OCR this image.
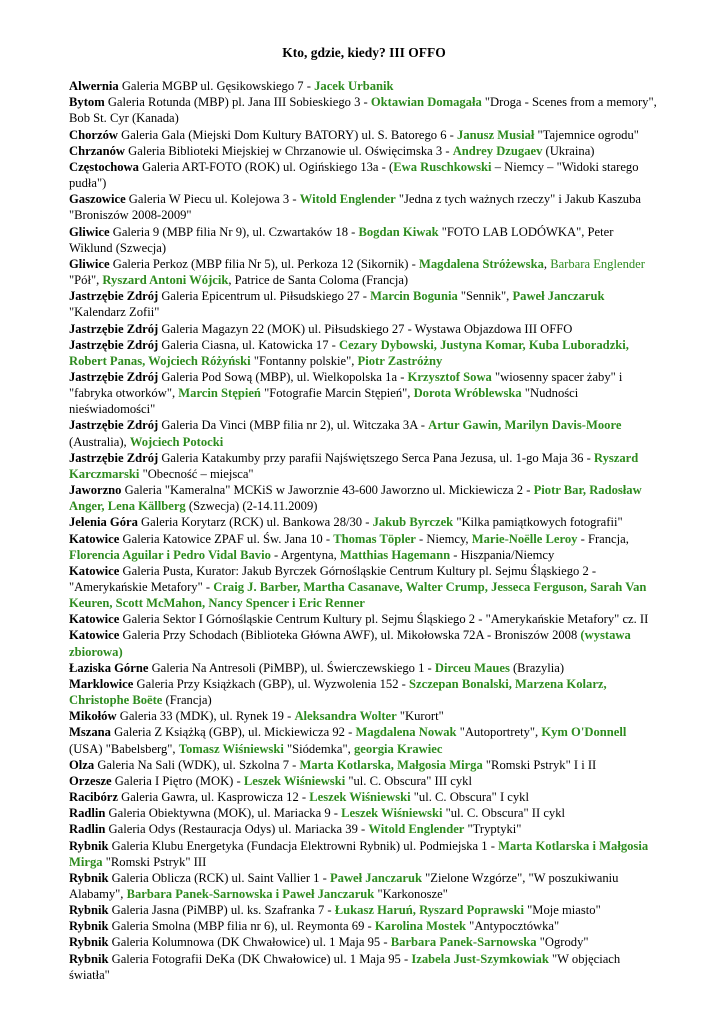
Kto, gdzie, kiedy? III OFFO
Alwernia Galeria MGBP ul. Gęsikowskiego 7 - Jacek Urbanik
Bytom Galeria Rotunda (MBP) pl. Jana III Sobieskiego 3 - Oktawian Domagała "Droga - Scenes from a memory", Bob St. Cyr (Kanada)
Chorzów Galeria Gala (Miejski Dom Kultury BATORY) ul. S. Batorego 6 - Janusz Musiał "Tajemnice ogrodu"
Chrzanów Galeria Biblioteki Miejskiej w Chrzanowie ul. Oświęcimska 3 - Andrey Dzugaev (Ukraina)
Częstochowa Galeria ART-FOTO (ROK) ul. Ogińskiego 13a - (Ewa Ruschkowski – Niemcy – "Widoki starego pudła")
Gaszowice Galeria W Piecu ul. Kolejowa 3 - Witold Englender "Jedna z tych ważnych rzeczy" i Jakub Kaszuba "Broniszów 2008-2009"
Gliwice Galeria 9 (MBP filia Nr 9), ul. Czwartaków 18 - Bogdan Kiwak "FOTO LAB LODÓWKA", Peter Wiklund (Szwecja)
Gliwice Galeria Perkoz (MBP filia Nr 5), ul. Perkoza 12 (Sikornik) - Magdalena Stróżewska, Barbara Englender "Pół", Ryszard Antoni Wójcik, Patrice de Santa Coloma (Francja)
Jastrzębie Zdrój Galeria Epicentrum ul. Piłsudskiego 27 - Marcin Bogunia "Sennik", Paweł Janczaruk "Kalendarz Zofii"
Jastrzębie Zdrój Galeria Magazyn 22 (MOK) ul. Piłsudskiego 27 - Wystawa Objazdowa III OFFO
Jastrzębie Zdrój Galeria Ciasna, ul. Katowicka 17 - Cezary Dybowski, Justyna Komar, Kuba Luboradzki, Robert Panas, Wojciech Różyński "Fontanny polskie", Piotr Zastróżny
Jastrzębie Zdrój Galeria Pod Sową (MBP), ul. Wielkopolska 1a - Krzysztof Sowa "wiosenny spacer żaby" i "fabryka otworków", Marcin Stępień "Fotografie Marcin Stępień", Dorota Wróblewska "Nudności nieświadomości"
Jastrzębie Zdrój Galeria Da Vinci (MBP filia nr 2), ul. Witczaka 3A - Artur Gawin, Marilyn Davis-Moore (Australia), Wojciech Potocki
Jastrzębie Zdrój Galeria Katakumby przy parafii Najświętszego Serca Pana Jezusa, ul. 1-go Maja 36 - Ryszard Karczmarski "Obecność – miejsca"
Jaworzno Galeria "Kameralna" MCKiS w Jaworznie 43-600 Jaworzno ul. Mickiewicza 2 - Piotr Bar, Radosław Anger, Lena Källberg (Szwecja) (2-14.11.2009)
Jelenia Góra Galeria Korytarz (RCK) ul. Bankowa 28/30 - Jakub Byrczek "Kilka pamiątkowych fotografii"
Katowice Galeria Katowice ZPAF ul. Św. Jana 10 - Thomas Töpler - Niemcy, Marie-Noëlle Leroy - Francja, Florencia Aguilar i Pedro Vidal Bavio - Argentyna, Matthias Hagemann - Hiszpania/Niemcy
Katowice Galeria Pusta, Kurator: Jakub Byrczek Górnośląskie Centrum Kultury pl. Sejmu Śląskiego 2 - "Amerykańskie Metafory" - Craig J. Barber, Martha Casanave, Walter Crump, Jesseca Ferguson, Sarah Van Keuren, Scott McMahon, Nancy Spencer i Eric Renner
Katowice Galeria Sektor I Górnośląskie Centrum Kultury pl. Sejmu Śląskiego 2 - "Amerykańskie Metafory" cz. II
Katowice Galeria Przy Schodach (Biblioteka Główna AWF), ul. Mikołowska 72A - Broniszów 2008 (wystawa zbiorowa)
Łaziska Górne Galeria Na Antresoli (PiMBP), ul. Świerczewskiego 1 - Dirceu Maues (Brazylia)
Marklowice Galeria Przy Książkach (GBP), ul. Wyzwolenia 152 - Szczepan Bonalski, Marzena Kolarz, Christophe Boëte (Francja)
Mikołów Galeria 33 (MDK), ul. Rynek 19 - Aleksandra Wolter "Kurort"
Mszana Galeria Z Książką (GBP), ul. Mickiewicza 92 - Magdalena Nowak "Autoportrety", Kym O'Donnell (USA) "Babelsberg", Tomasz Wiśniewski "Siódemka", georgia Krawiec
Olza Galeria Na Sali (WDK), ul. Szkolna 7 - Marta Kotlarska, Małgosia Mirga "Romski Pstryk" I i II
Orzesze Galeria I Piętro (MOK) - Leszek Wiśniewski "ul. C. Obscura" III cykl
Racibórz Galeria Gawra, ul. Kasprowicza 12 - Leszek Wiśniewski "ul. C. Obscura" I cykl
Radlin Galeria Obiektywna (MOK), ul. Mariacka 9 - Leszek Wiśniewski "ul. C. Obscura" II cykl
Radlin Galeria Odys (Restauracja Odys) ul. Mariacka 39 - Witold Englender "Tryptyki"
Rybnik Galeria Klubu Energetyka (Fundacja Elektrowni Rybnik) ul. Podmiejska 1 - Marta Kotlarska i Małgosia Mirga "Romski Pstryk" III
Rybnik Galeria Oblicza (RCK) ul. Saint Vallier 1 - Paweł Janczaruk "Zielone Wzgórze", "W poszukiwaniu Alabamy", Barbara Panek-Sarnowska i Paweł Janczaruk "Karkonosze"
Rybnik Galeria Jasna (PiMBP) ul. ks. Szafranka 7 - Łukasz Haruń, Ryszard Poprawski "Moje miasto"
Rybnik Galeria Smolna (MBP filia nr 6), ul. Reymonta 69 - Karolina Mostek "Antypocztówka"
Rybnik Galeria Kolumnowa (DK Chwałowice) ul. 1 Maja 95 - Barbara Panek-Sarnowska "Ogrody"
Rybnik Galeria Fotografii DeKa (DK Chwałowice) ul. 1 Maja 95 - Izabela Just-Szymkowiak "W objęciach światła"
